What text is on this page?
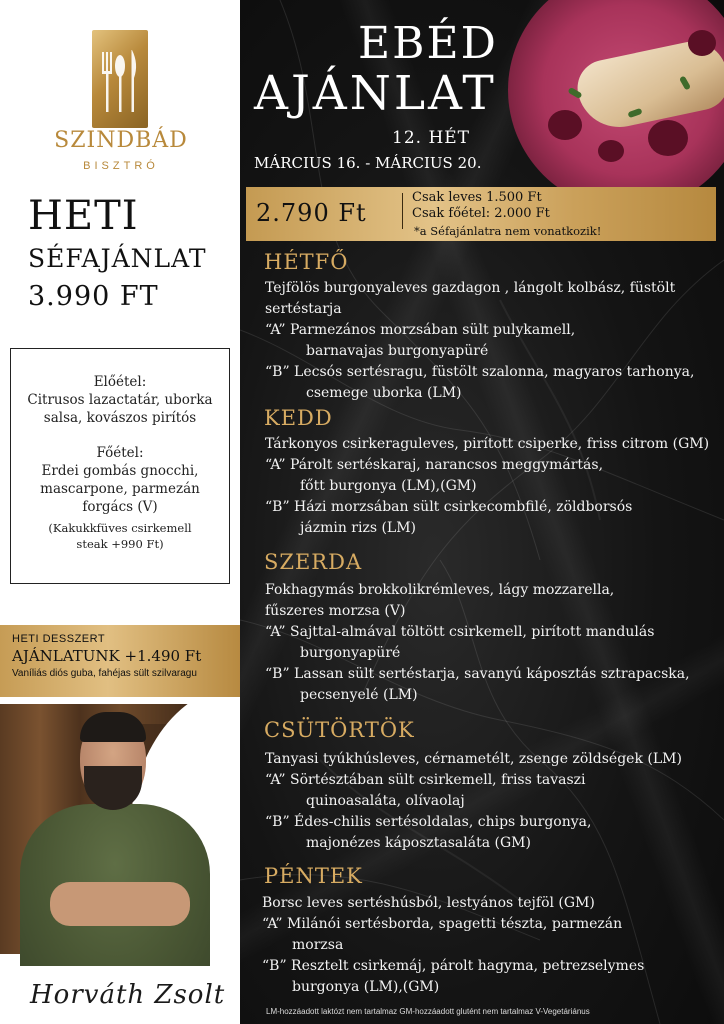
SZINDBÁD
BISZTRÓ
HETI
SÉFAJÁNLAT
3.990 FT
Előétel:
Citrusos lazactatár, uborka
salsa, kovászos pirítós
Főétel:
Erdei gombás gnocchi,
mascarpone, parmezán
forgács (V)
(Kakukkfüves csirkemell
steak +990 Ft)
HETI DESSZERT
AJÁNLATUNK +1.490 Ft
Vaníliás diós guba, fahéjas sült szilvaragu
Horváth Zsolt
EBÉD
AJÁNLAT
12. HÉT
MÁRCIUS 16. - MÁRCIUS 20.
2.790 Ft
Csak leves 1.500 Ft
Csak főétel: 2.000 Ft
*a Séfajánlatra nem vonatkozik!
HÉTFŐ
Tejfölös burgonyaleves gazdagon , lángolt kolbász, füstölt
sertéstarja
“A” Parmezános morzsában sült pulykamell,
barnavajas burgonyapüré
“B” Lecsós sertésragu, füstölt szalonna, magyaros tarhonya,
csemege uborka (LM)
KEDD
Tárkonyos csirkeraguleves, pirított csiperke, friss citrom (GM)
“A” Párolt sertéskaraj, narancsos meggymártás,
főtt burgonya (LM),(GM)
“B” Házi morzsában sült csirkecombfilé, zöldborsós
jázmin rizs (LM)
SZERDA
Fokhagymás brokkolikrémleves, lágy mozzarella,
fűszeres morzsa (V)
“A” Sajttal-almával töltött csirkemell, pirított mandulás
burgonyapüré
“B” Lassan sült sertéstarja, savanyú káposztás sztrapacska,
pecsenyelé (LM)
CSÜTÖRTÖK
Tanyasi tyúkhúsleves, cérnametélt, zsenge zöldségek (LM)
“A” Sörtésztában sült csirkemell, friss tavaszi
quinoasaláta, olívaolaj
“B” Édes-chilis sertésoldalas, chips burgonya,
majonézes káposztasaláta (GM)
PÉNTEK
Borsc leves sertéshúsból, lestyános tejföl (GM)
“A” Milánói sertésborda, spagetti tészta, parmezán
morzsa
“B” Resztelt csirkemáj, párolt hagyma, petrezselymes
burgonya (LM),(GM)
LM-hozzáadott laktózt nem tartalmaz GM-hozzáadott glutént nem tartalmaz V-Vegetáriánus
